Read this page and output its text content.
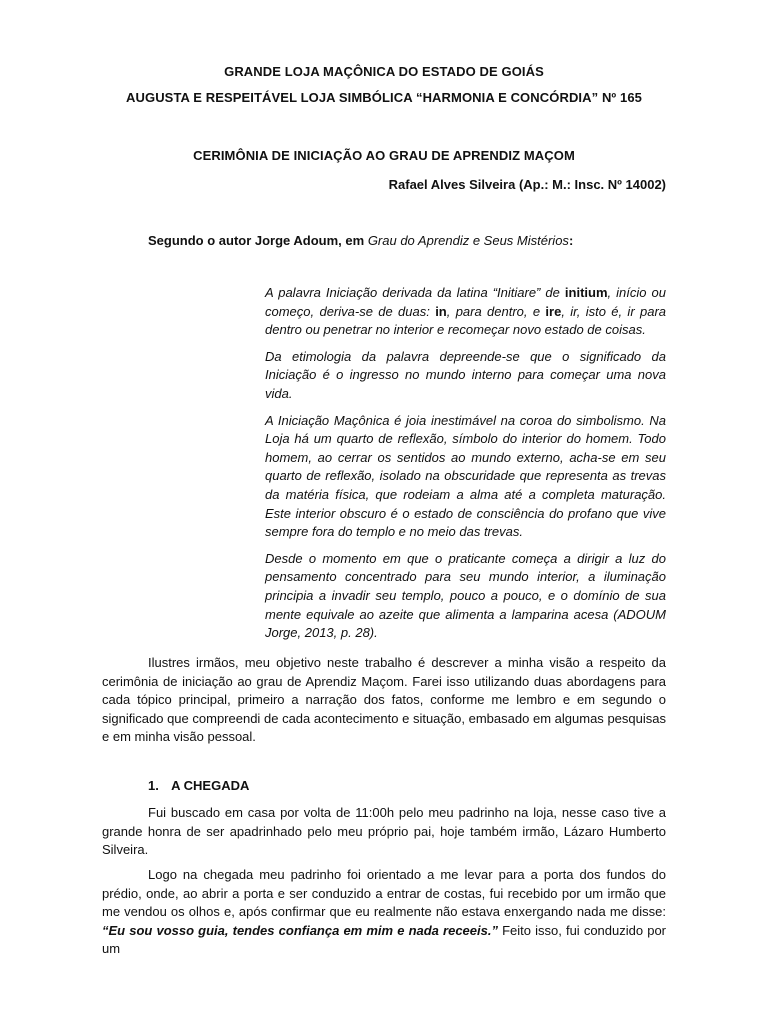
GRANDE LOJA MAÇÔNICA DO ESTADO DE GOIÁS
AUGUSTA E RESPEITÁVEL LOJA SIMBÓLICA “HARMONIA E CONCÓRDIA” Nº 165
CERIMÔNIA DE INICIAÇÃO AO GRAU DE APRENDIZ MAÇOM
Rafael Alves Silveira (Ap.: M.: Insc. Nº 14002)
Segundo o autor Jorge Adoum, em Grau do Aprendiz e Seus Mistérios:

A palavra Iniciação derivada da latina “Initiare” de initium, início ou começo, deriva-se de duas: in, para dentro, e ire, ir, isto é, ir para dentro ou penetrar no interior e recomeçar novo estado de coisas.

Da etimologia da palavra depreende-se que o significado da Iniciação é o ingresso no mundo interno para começar uma nova vida.

A Iniciação Maçônica é joia inestimável na coroa do simbolismo. Na Loja há um quarto de reflexão, símbolo do interior do homem. Todo homem, ao cerrar os sentidos ao mundo externo, acha-se em seu quarto de reflexão, isolado na obscuridade que representa as trevas da matéria física, que rodeiam a alma até a completa maturação. Este interior obscuro é o estado de consciência do profano que vive sempre fora do templo e no meio das trevas.

Desde o momento em que o praticante começa a dirigir a luz do pensamento concentrado para seu mundo interior, a iluminação principia a invadir seu templo, pouco a pouco, e o domínio de sua mente equivale ao azeite que alimenta a lamparina acesa (ADOUM Jorge, 2013, p. 28).

Ilustres irmãos, meu objetivo neste trabalho é descrever a minha visão a respeito da cerimônia de iniciação ao grau de Aprendiz Maçom. Farei isso utilizando duas abordagens para cada tópico principal, primeiro a narração dos fatos, conforme me lembro e em segundo o significado que compreendi de cada acontecimento e situação, embasado em algumas pesquisas e em minha visão pessoal.

1. A CHEGADA

Fui buscado em casa por volta de 11:00h pelo meu padrinho na loja, nesse caso tive a grande honra de ser apadrinhado pelo meu próprio pai, hoje também irmão, Lázaro Humberto Silveira.

Logo na chegada meu padrinho foi orientado a me levar para a porta dos fundos do prédio, onde, ao abrir a porta e ser conduzido a entrar de costas, fui recebido por um irmão que me vendou os olhos e, após confirmar que eu realmente não estava enxergando nada me disse: “Eu sou vosso guia, tendes confiança em mim e nada receeis.” Feito isso, fui conduzido por um
